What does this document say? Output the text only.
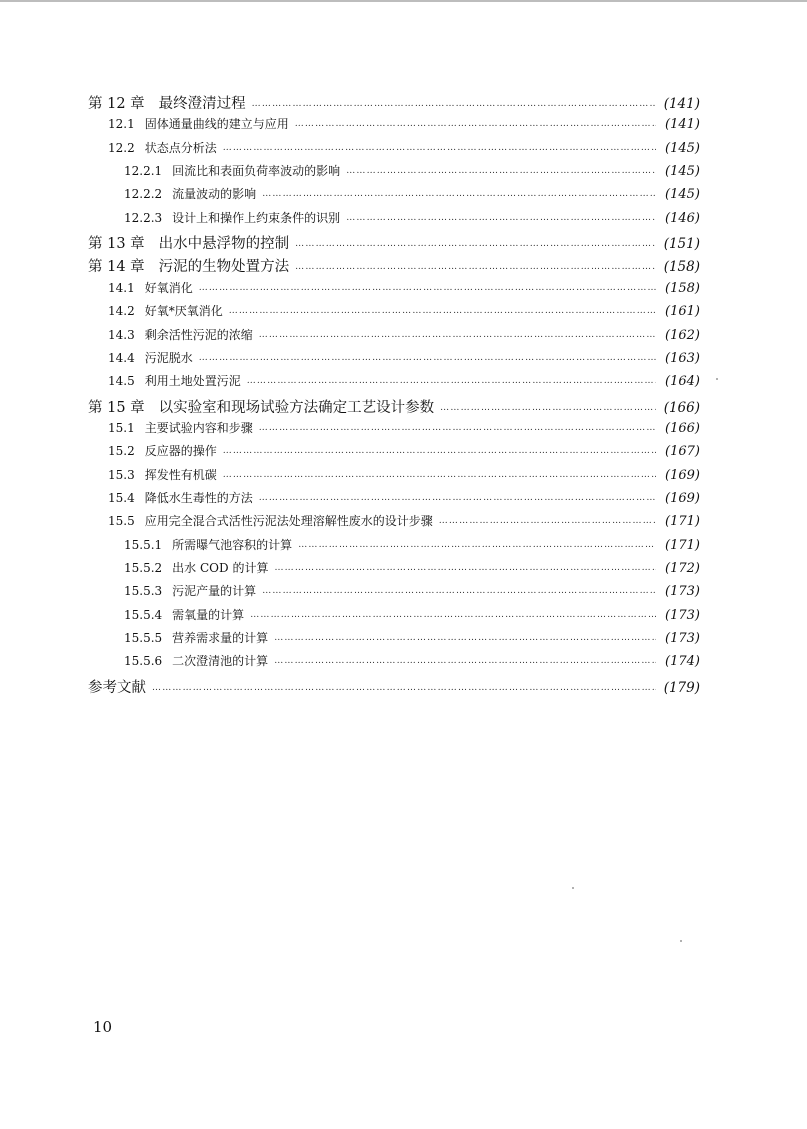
第 12 章 最终澄清过程 …………………………………………………………………………………………………………………………………………………………………	(141)
12.1 固体通量曲线的建立与应用 …………………………………………………………………………………………………………………………………………………………………	(141)
12.2 状态点分析法 …………………………………………………………………………………………………………………………………………………………………	(145)
12.2.1 回流比和表面负荷率波动的影响 …………………………………………………………………………………………………………………………………………………………………	(145)
12.2.2 流量波动的影响 …………………………………………………………………………………………………………………………………………………………………	(145)
12.2.3 设计上和操作上约束条件的识别 …………………………………………………………………………………………………………………………………………………………………	(146)
第 13 章 出水中悬浮物的控制 …………………………………………………………………………………………………………………………………………………………………	(151)
第 14 章 污泥的生物处置方法 …………………………………………………………………………………………………………………………………………………………………	(158)
14.1 好氧消化 …………………………………………………………………………………………………………………………………………………………………	(158)
14.2 好氧*厌氧消化 …………………………………………………………………………………………………………………………………………………………………	(161)
14.3 剩余活性污泥的浓缩 …………………………………………………………………………………………………………………………………………………………………	(162)
14.4 污泥脱水 …………………………………………………………………………………………………………………………………………………………………	(163)
14.5 利用土地处置污泥 …………………………………………………………………………………………………………………………………………………………………	(164)
第 15 章 以实验室和现场试验方法确定工艺设计参数 …………………………………………………………………………………………………………………………………………………………………	(166)
15.1 主要试验内容和步骤 …………………………………………………………………………………………………………………………………………………………………	(166)
15.2 反应器的操作 …………………………………………………………………………………………………………………………………………………………………	(167)
15.3 挥发性有机碳 …………………………………………………………………………………………………………………………………………………………………	(169)
15.4 降低水生毒性的方法 …………………………………………………………………………………………………………………………………………………………………	(169)
15.5 应用完全混合式活性污泥法处理溶解性废水的设计步骤 …………………………………………………………………………………………………………………………………………………………………	(171)
15.5.1 所需曝气池容积的计算 …………………………………………………………………………………………………………………………………………………………………	(171)
15.5.2 出水 COD 的计算 …………………………………………………………………………………………………………………………………………………………………	(172)
15.5.3 污泥产量的计算 …………………………………………………………………………………………………………………………………………………………………	(173)
15.5.4 需氧量的计算 …………………………………………………………………………………………………………………………………………………………………	(173)
15.5.5 营养需求量的计算 …………………………………………………………………………………………………………………………………………………………………	(173)
15.5.6 二次澄清池的计算 …………………………………………………………………………………………………………………………………………………………………	(174)
参考文献 …………………………………………………………………………………………………………………………………………………………………	(179)
10
